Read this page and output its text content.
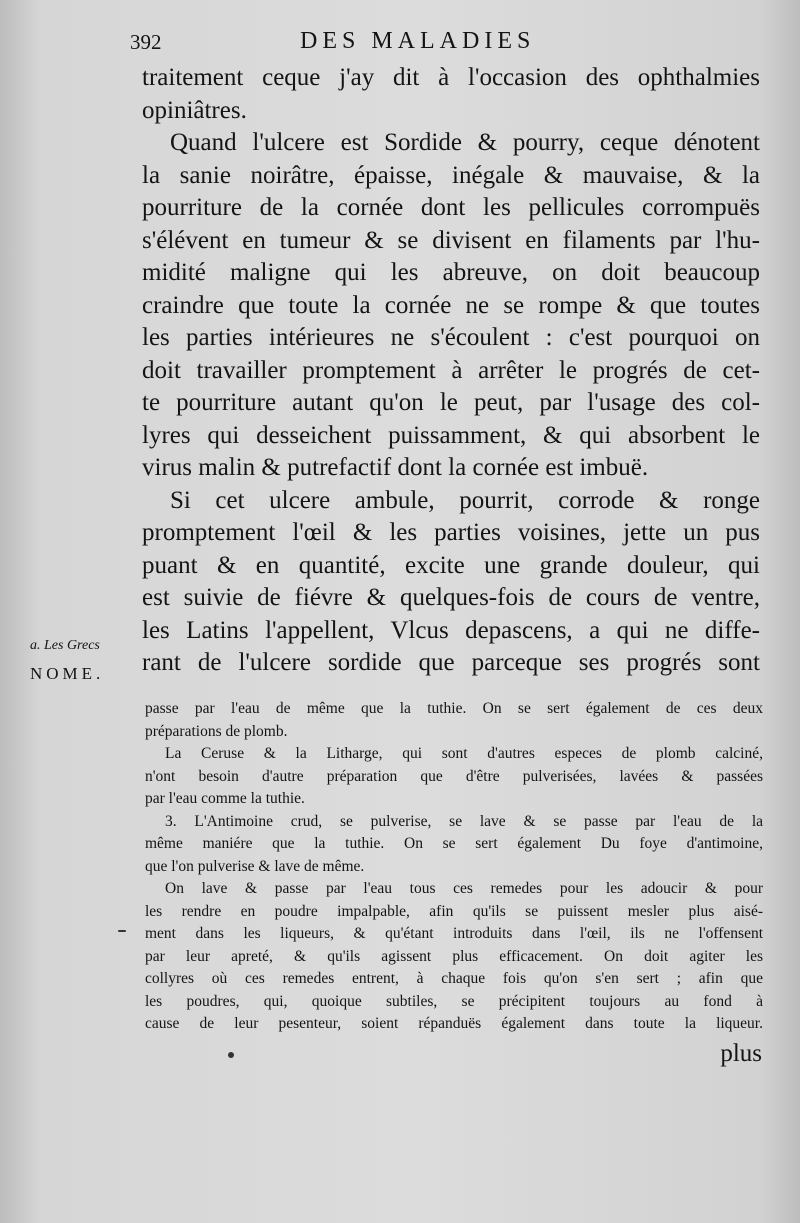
392	DES MALADIES
traitement ceque j'ay dit à l'occasion des ophthalmies
opiniâtres.
Quand l'ulcere est Sordide & pourry, ceque dénotent
la sanie noirâtre, épaisse, inégale & mauvaise, & la
pourriture de la cornée dont les pellicules corrompuës
s'élévent en tumeur & se divisent en filaments par l'hu-
midité maligne qui les abreuve, on doit beaucoup
craindre que toute la cornée ne se rompe & que toutes
les parties intérieures ne s'écoulent : c'est pourquoi on
doit travailler promptement à arrêter le progrés de cet-
te pourriture autant qu'on le peut, par l'usage des col-
lyres qui desseichent puissamment, & qui absorbent le
virus malin & putrefactif dont la cornée est imbuë.
Si cet ulcere ambule, pourrit, corrode & ronge
promptement l'œil & les parties voisines, jette un pus
puant & en quantité, excite une grande douleur, qui
est suivie de fiévre & quelques-fois de cours de ventre,
les Latins l'appellent, Vlcus depascens, a qui ne diffe-
rant de l'ulcere sordide que parceque ses progrés sont
a. Les Grecs
NOME.
passe par l'eau de même que la tuthie. On se sert également de ces deux
préparations de plomb.
La Ceruse & la Litharge, qui sont d'autres especes de plomb calciné,
n'ont besoin d'autre préparation que d'être pulverisées, lavées & passées
par l'eau comme la tuthie.
3. L'Antimoine crud, se pulverise, se lave & se passe par l'eau de la
même maniére que la tuthie. On se sert également Du foye d'antimoine,
que l'on pulverise & lave de même.
On lave & passe par l'eau tous ces remedes pour les adoucir & pour
les rendre en poudre impalpable, afin qu'ils se puissent mesler plus aisé-
ment dans les liqueurs, & qu'étant introduits dans l'œil, ils ne l'offensent
par leur apreté, & qu'ils agissent plus efficacement. On doit agiter les
collyres où ces remedes entrent, à chaque fois qu'on s'en sert ; afin que
les poudres, qui, quoique subtiles, se précipitent toujours au fond à
cause de leur pesenteur, soient répanduës également dans toute la liqueur.
plus
